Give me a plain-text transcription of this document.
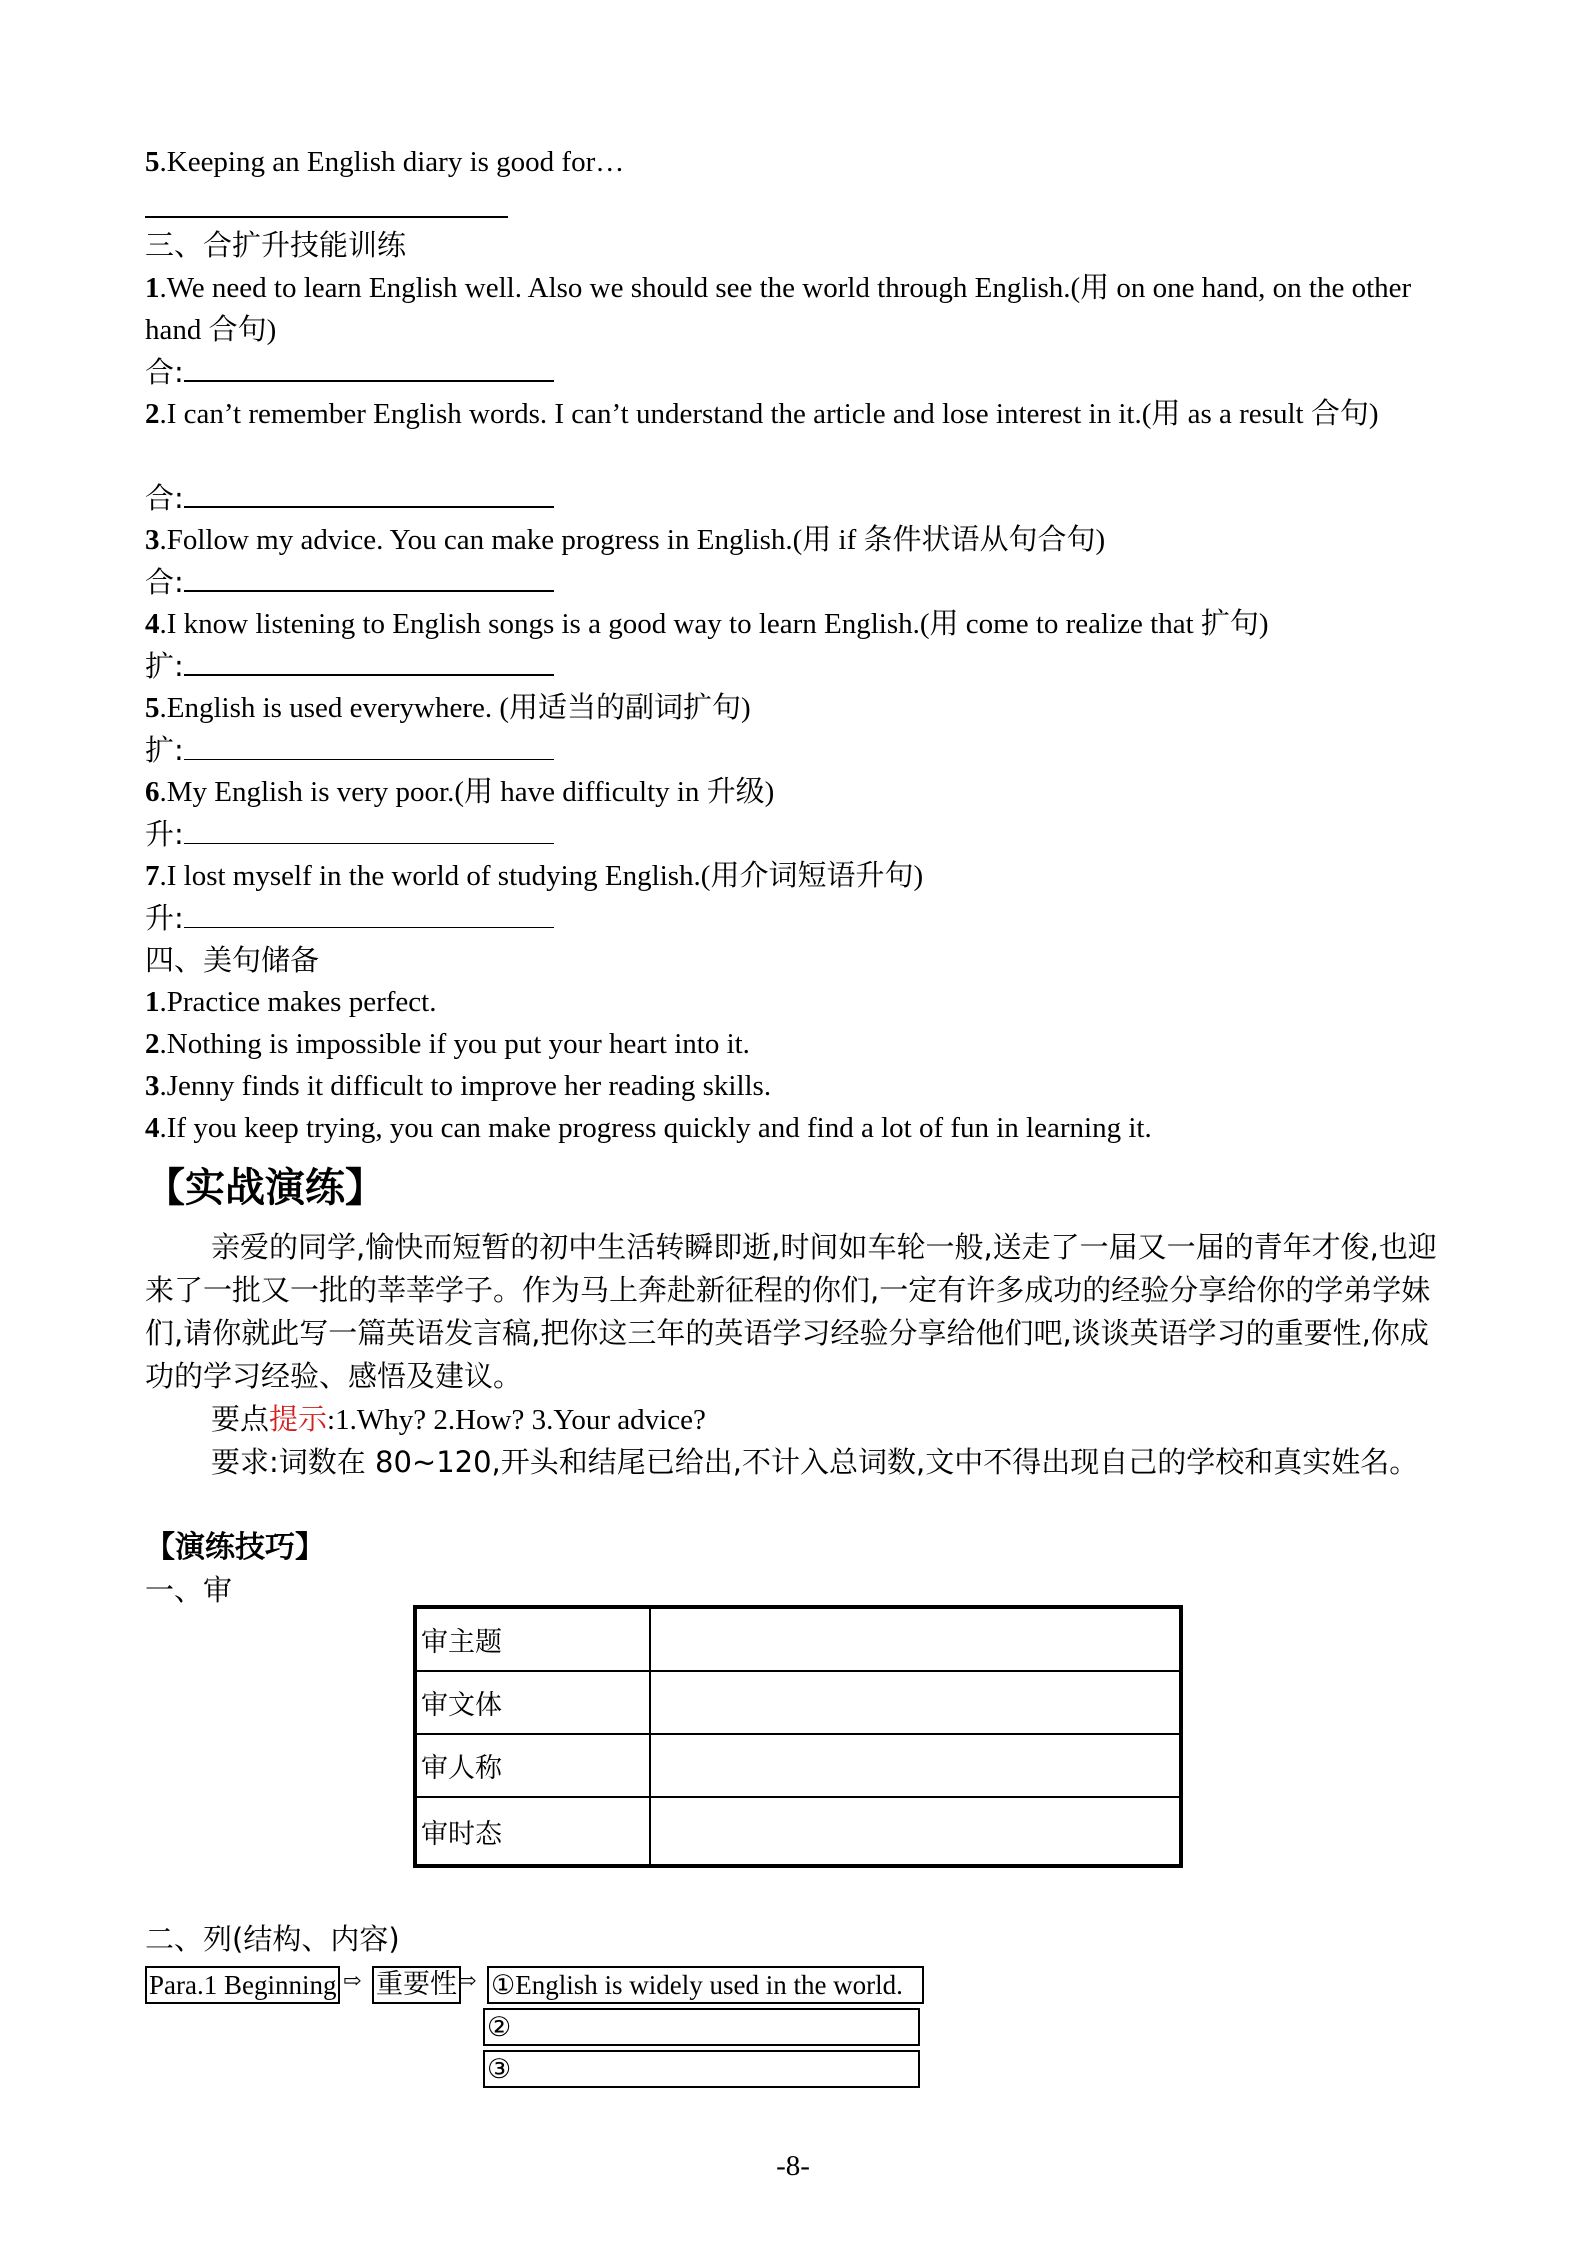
5.Keeping an English diary is good for…
三、合扩升技能训练
1.We need to learn English well. Also we should see the world through English.(用 on one hand, on the other hand 合句)
合:
2.I can’t remember English words. I can’t understand the article and lose interest in it.(用 as a result 合句)
合:
3.Follow my advice. You can make progress in English.(用 if 条件状语从句合句)
合:
4.I know listening to English songs is a good way to learn English.(用 come to realize that 扩句)
扩:
5.English is used everywhere. (用适当的副词扩句)
扩:
6.My English is very poor.(用 have difficulty in 升级)
升:
7.I lost myself in the world of studying English.(用介词短语升句)
升:
四、美句储备
1.Practice makes perfect.
2.Nothing is impossible if you put your heart into it.
3.Jenny finds it difficult to improve her reading skills.
4.If you keep trying, you can make progress quickly and find a lot of fun in learning it.
【实战演练】
亲爱的同学,愉快而短暂的初中生活转瞬即逝,时间如车轮一般,送走了一届又一届的青年才俊,也迎来了一批又一批的莘莘学子。作为马上奔赴新征程的你们,一定有许多成功的经验分享给你的学弟学妹们,请你就此写一篇英语发言稿,把你这三年的英语学习经验分享给他们吧,谈谈英语学习的重要性,你成功的学习经验、感悟及建议。
要点提示:1.Why? 2.How? 3.Your advice?
要求:词数在 80~120,开头和结尾已给出,不计入总词数,文中不得出现自己的学校和真实姓名。
【演练技巧】
一、审
审主题	
审文体	
审人称	
审时态	
二、列(结构、内容)
Para.1 Beginning ⇨ 重要性 ⇨ ①English is widely used in the world.
②
③
-8-
